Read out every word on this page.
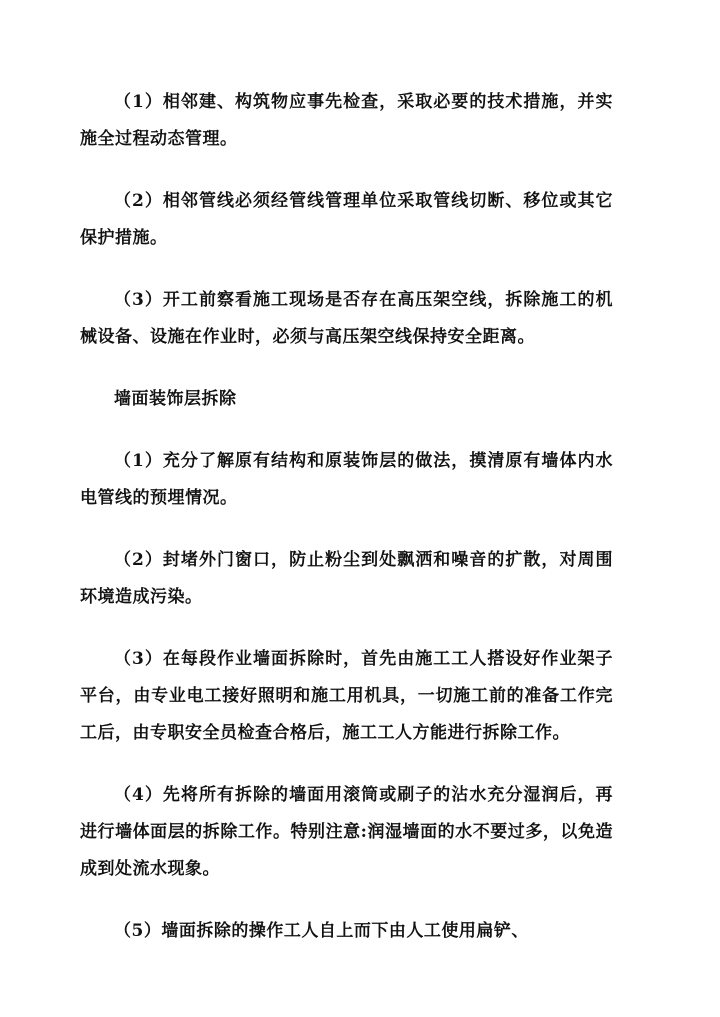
（1）相邻建、构筑物应事先检查，采取必要的技术措施，并实施全过程动态管理。

（2）相邻管线必须经管线管理单位采取管线切断、移位或其它保护措施。

（3）开工前察看施工现场是否存在高压架空线，拆除施工的机械设备、设施在作业时，必须与高压架空线保持安全距离。

墙面装饰层拆除

（1）充分了解原有结构和原装饰层的做法，摸清原有墙体内水电管线的预埋情况。

（2）封堵外门窗口，防止粉尘到处飘洒和噪音的扩散，对周围环境造成污染。

（3）在每段作业墙面拆除时，首先由施工工人搭设好作业架子平台，由专业电工接好照明和施工用机具，一切施工前的准备工作完工后，由专职安全员检查合格后，施工工人方能进行拆除工作。

（4）先将所有拆除的墙面用滚筒或刷子的沾水充分湿润后，再进行墙体面层的拆除工作。特别注意:润湿墙面的水不要过多，以免造成到处流水现象。

（5）墙面拆除的操作工人自上而下由人工使用扁铲、
